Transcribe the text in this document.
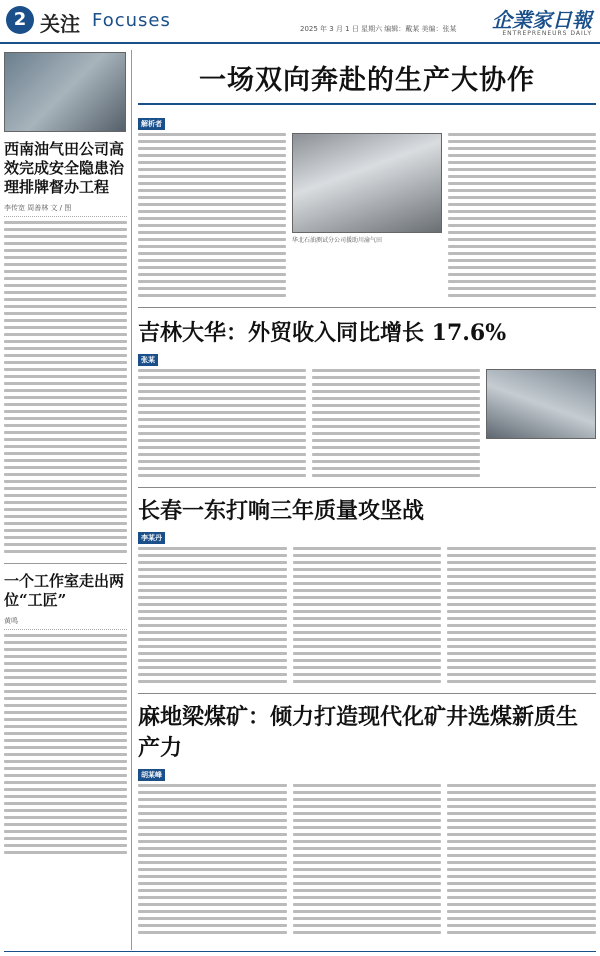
2 关注 Focuses	2025 年 3 月 1 日 星期六 编辑：戴某 美编：张某 企業家日報
ENTREPRENEURS DAILY
西南油气田公司高效完成安全隐患治理排牌督办工程
李传宽 周善林 文 / 图
一个工作室走出两位“工匠”
黄鸣
一场双向奔赴的生产大协作
解析者
华北石油测试分公司援助川渝气田
吉林大华：外贸收入同比增长 17.6%
张某
长春一东打响三年质量攻坚战
李某丹
麻地梁煤矿：倾力打造现代化矿井选煤新质生产力
胡某峰
